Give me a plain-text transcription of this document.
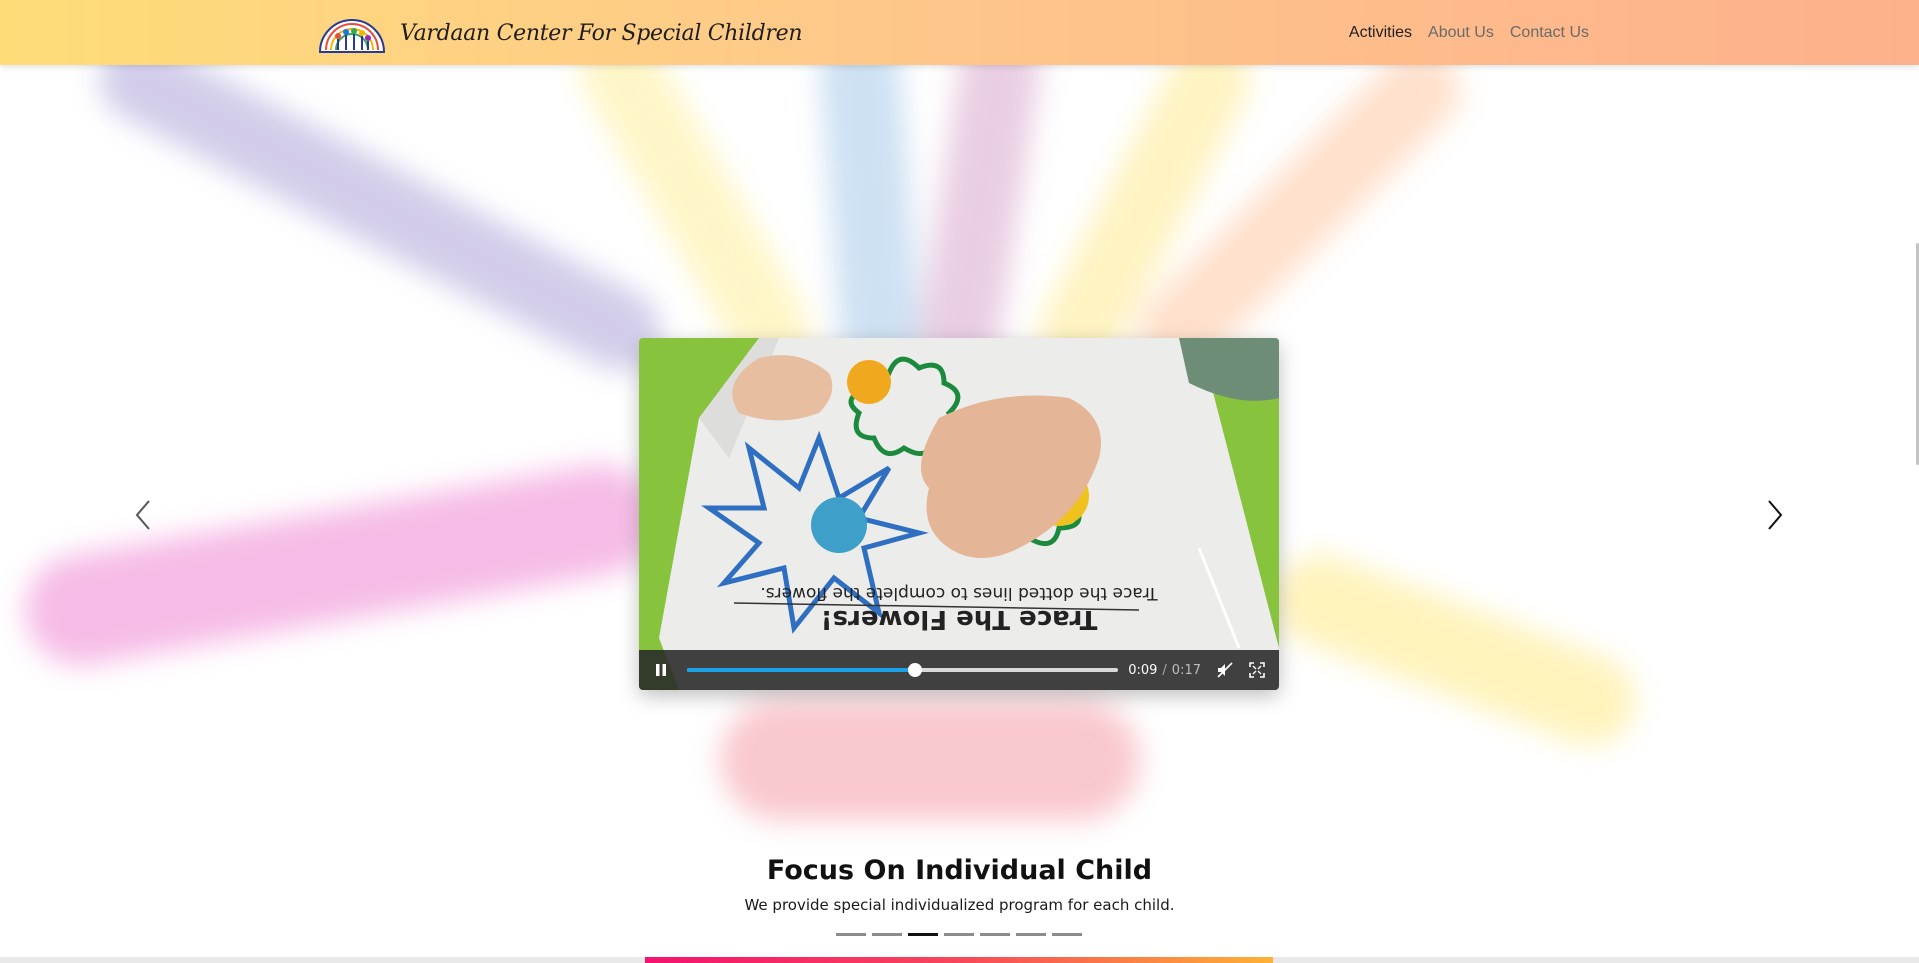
Vardaan Center For Special Children	Activities About Us Contact Us
Trace the dotted lines to complete the flowers.
Trace The Flowers!
0:09 / 0:17
Focus On Individual Child

We provide special individualized program for each child.
